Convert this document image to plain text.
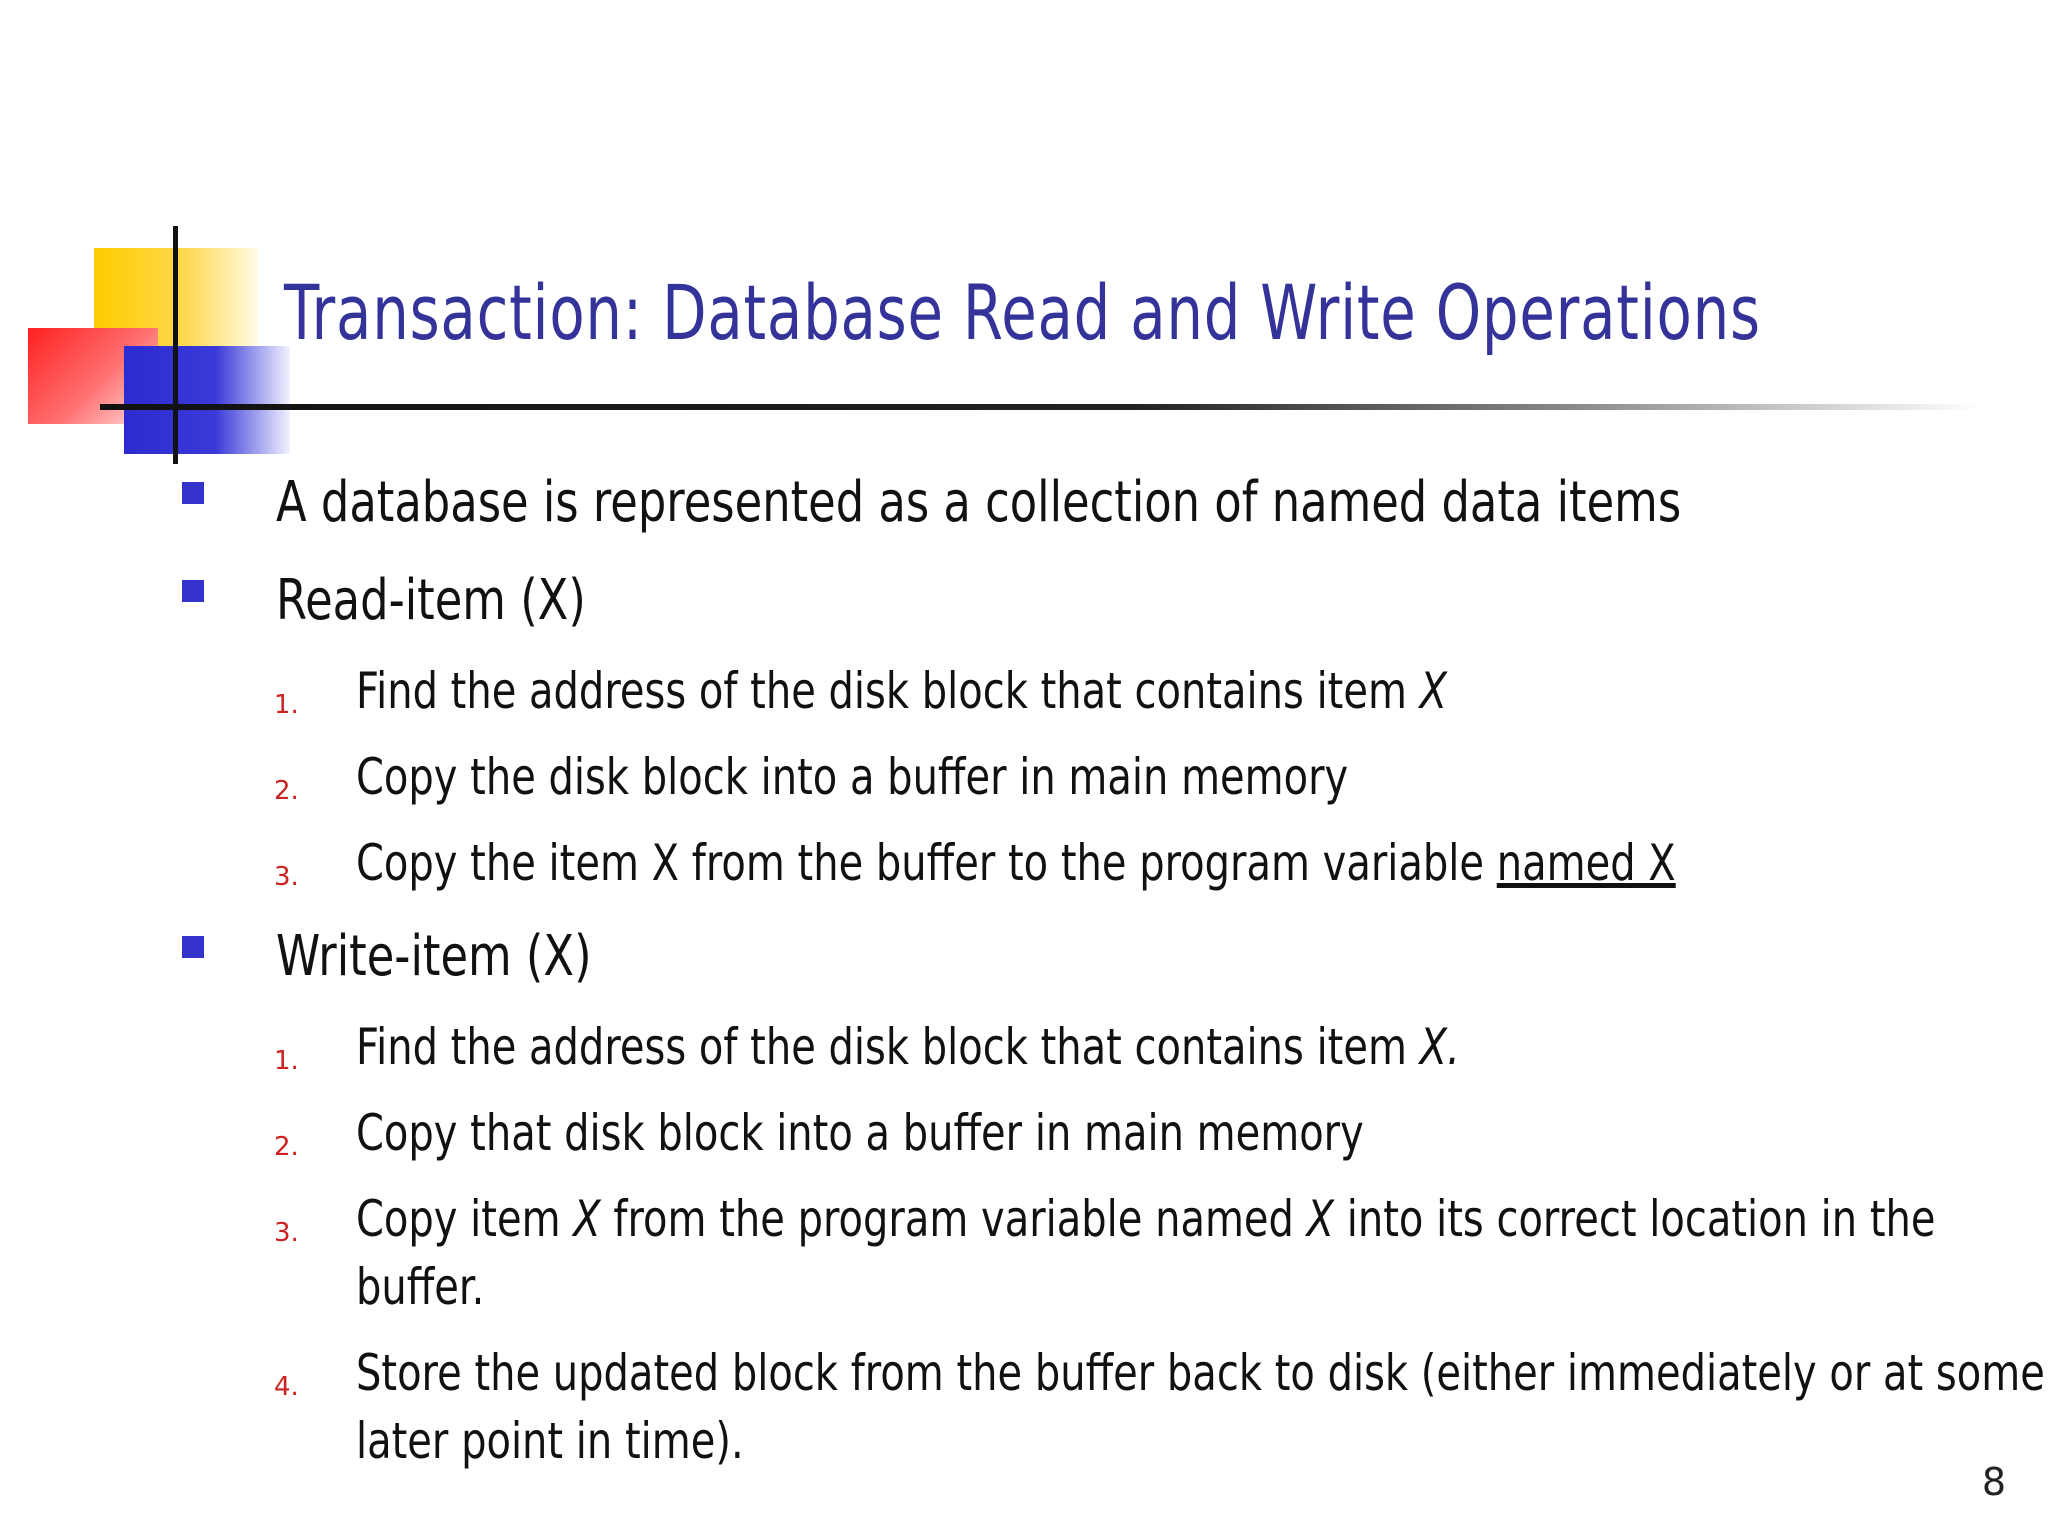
Transaction: Database Read and Write Operations
A database is represented as a collection of named data items
Read-item (X)
1. Find the address of the disk block that contains item X
2. Copy the disk block into a buffer in main memory
3. Copy the item X from the buffer to the program variable named X
Write-item (X)
1. Find the address of the disk block that contains item X.
2. Copy that disk block into a buffer in main memory
3. Copy item X from the program variable named X into its correct location in the
buffer.
4. Store the updated block from the buffer back to disk (either immediately or at some
later point in time).
8
